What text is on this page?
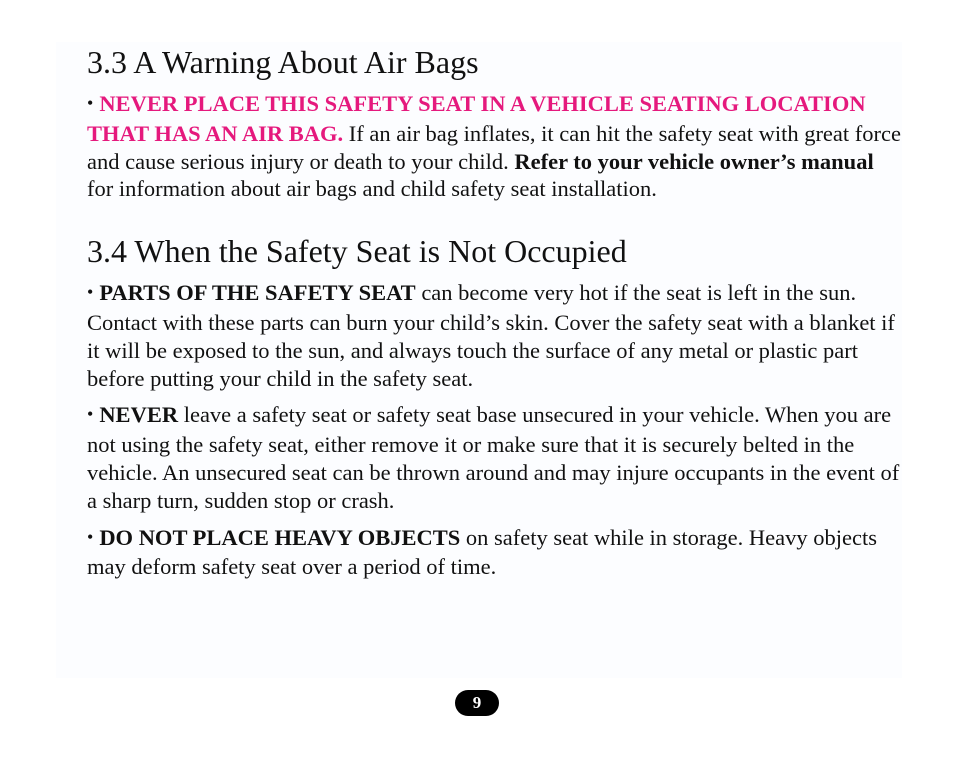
3.3 A Warning About Air Bags

• NEVER PLACE THIS SAFETY SEAT IN A VEHICLE SEATING LOCATION THAT HAS AN AIR BAG. If an air bag inflates, it can hit the safety seat with great force and cause serious injury or death to your child. Refer to your vehicle owner’s manual for information about air bags and child safety seat installation.

3.4 When the Safety Seat is Not Occupied

• PARTS OF THE SAFETY SEAT can become very hot if the seat is left in the sun. Contact with these parts can burn your child’s skin. Cover the safety seat with a blanket if it will be exposed to the sun, and always touch the surface of any metal or plastic part before putting your child in the safety seat.

• NEVER leave a safety seat or safety seat base unsecured in your vehicle. When you are not using the safety seat, either remove it or make sure that it is securely belted in the vehicle. An unsecured seat can be thrown around and may injure occupants in the event of a sharp turn, sudden stop or crash.

• DO NOT PLACE HEAVY OBJECTS on safety seat while in storage. Heavy objects may deform safety seat over a period of time.

9
